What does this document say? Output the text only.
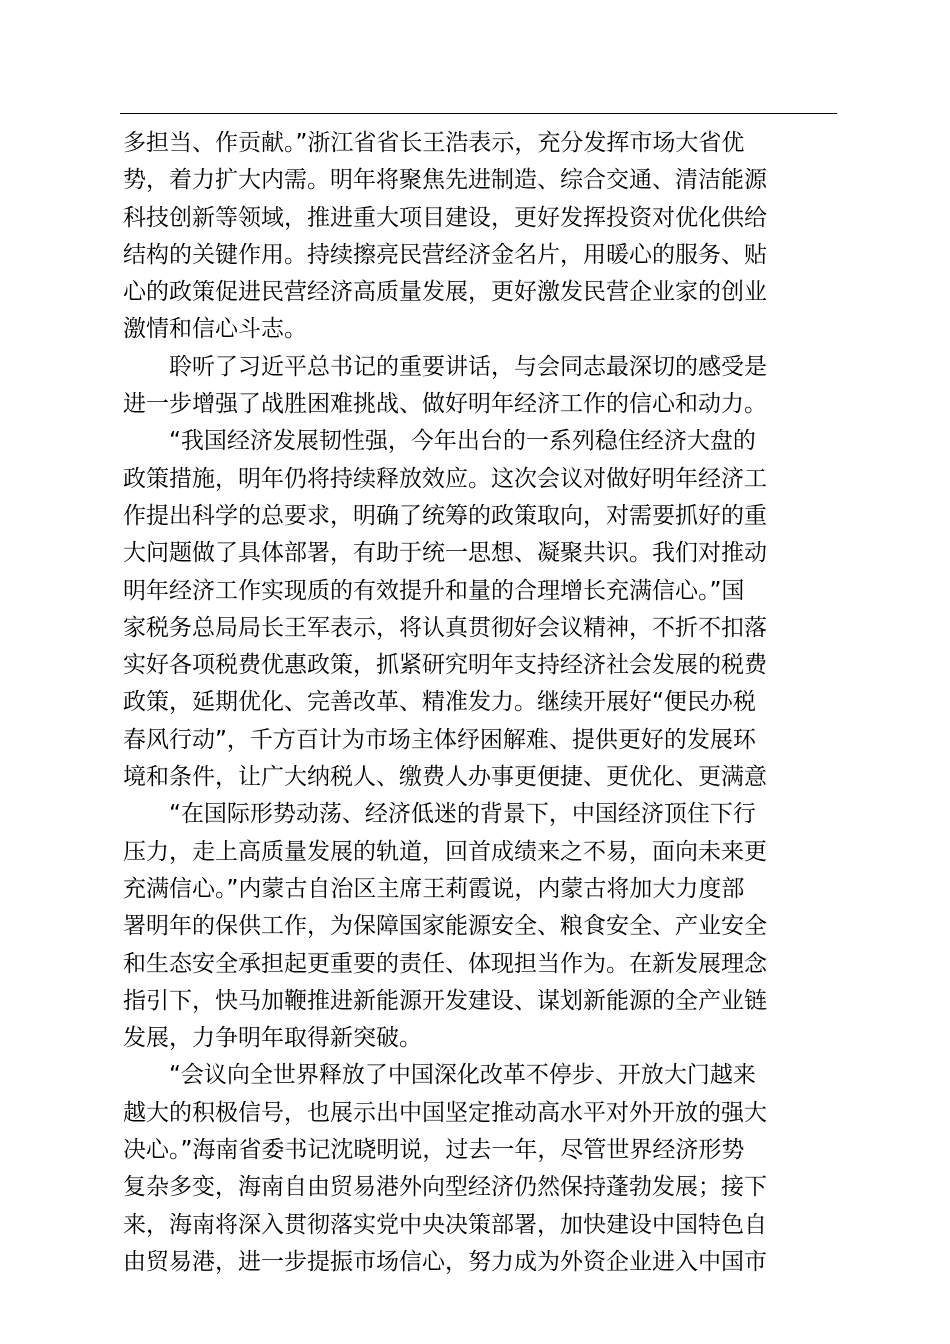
多担当、作贡献。”浙江省省长王浩表示，充分发挥市场大省优
势，着力扩大内需。明年将聚焦先进制造、综合交通、清洁能源
科技创新等领域，推进重大项目建设，更好发挥投资对优化供给
结构的关键作用。持续擦亮民营经济金名片，用暖心的服务、贴
心的政策促进民营经济高质量发展，更好激发民营企业家的创业
激情和信心斗志。
聆听了习近平总书记的重要讲话，与会同志最深切的感受是
进一步增强了战胜困难挑战、做好明年经济工作的信心和动力。
“我国经济发展韧性强，今年出台的一系列稳住经济大盘的
政策措施，明年仍将持续释放效应。这次会议对做好明年经济工
作提出科学的总要求，明确了统筹的政策取向，对需要抓好的重
大问题做了具体部署，有助于统一思想、凝聚共识。我们对推动
明年经济工作实现质的有效提升和量的合理增长充满信心。”国
家税务总局局长王军表示，将认真贯彻好会议精神，不折不扣落
实好各项税费优惠政策，抓紧研究明年支持经济社会发展的税费
政策，延期优化、完善改革、精准发力。继续开展好“便民办税
春风行动”，千方百计为市场主体纾困解难、提供更好的发展环
境和条件，让广大纳税人、缴费人办事更便捷、更优化、更满意
“在国际形势动荡、经济低迷的背景下，中国经济顶住下行
压力，走上高质量发展的轨道，回首成绩来之不易，面向未来更
充满信心。”内蒙古自治区主席王莉霞说，内蒙古将加大力度部
署明年的保供工作，为保障国家能源安全、粮食安全、产业安全
和生态安全承担起更重要的责任、体现担当作为。在新发展理念
指引下，快马加鞭推进新能源开发建设、谋划新能源的全产业链
发展，力争明年取得新突破。
“会议向全世界释放了中国深化改革不停步、开放大门越来
越大的积极信号，也展示出中国坚定推动高水平对外开放的强大
决心。”海南省委书记沈晓明说，过去一年，尽管世界经济形势
复杂多变，海南自由贸易港外向型经济仍然保持蓬勃发展；接下
来，海南将深入贯彻落实党中央决策部署，加快建设中国特色自
由贸易港，进一步提振市场信心，努力成为外资企业进入中国市
